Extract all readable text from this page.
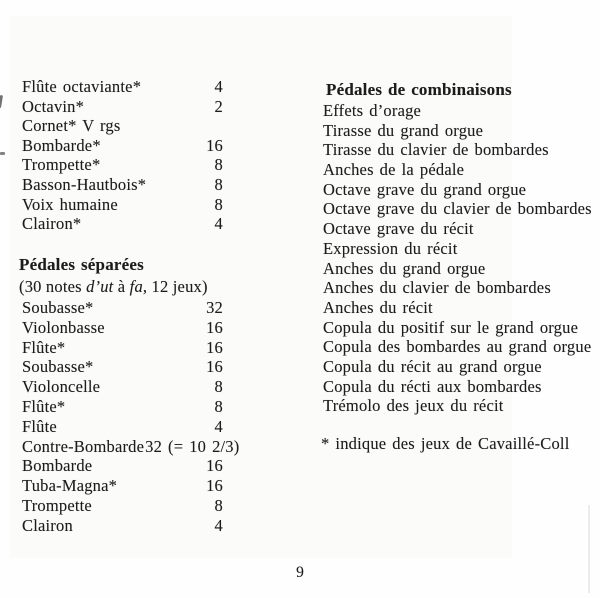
Flûte octaviante*	4
Octavin*	2
Cornet* V rgs
Bombarde*	16
Trompette*	8
Basson-Hautbois*	8
Voix humaine	8
Clairon*	4
Pédales séparées
(30 notes d’ut à fa, 12 jeux)
Soubasse*	32
Violonbasse	16
Flûte*	16
Soubasse*	16
Violoncelle	8
Flûte*	8
Flûte	4
Contre-Bombarde 32 (= 10 2/3)
Bombarde	16
Tuba-Magna*	16
Trompette	8
Clairon	4
Pédales de combinaisons
Effets d’orage
Tirasse du grand orgue
Tirasse du clavier de bombardes
Anches de la pédale
Octave grave du grand orgue
Octave grave du clavier de bombardes
Octave grave du récit
Expression du récit
Anches du grand orgue
Anches du clavier de bombardes
Anches du récit
Copula du positif sur le grand orgue
Copula des bombardes au grand orgue
Copula du récit au grand orgue
Copula du récti aux bombardes
Trémolo des jeux du récit
* indique des jeux de Cavaillé-Coll
9
